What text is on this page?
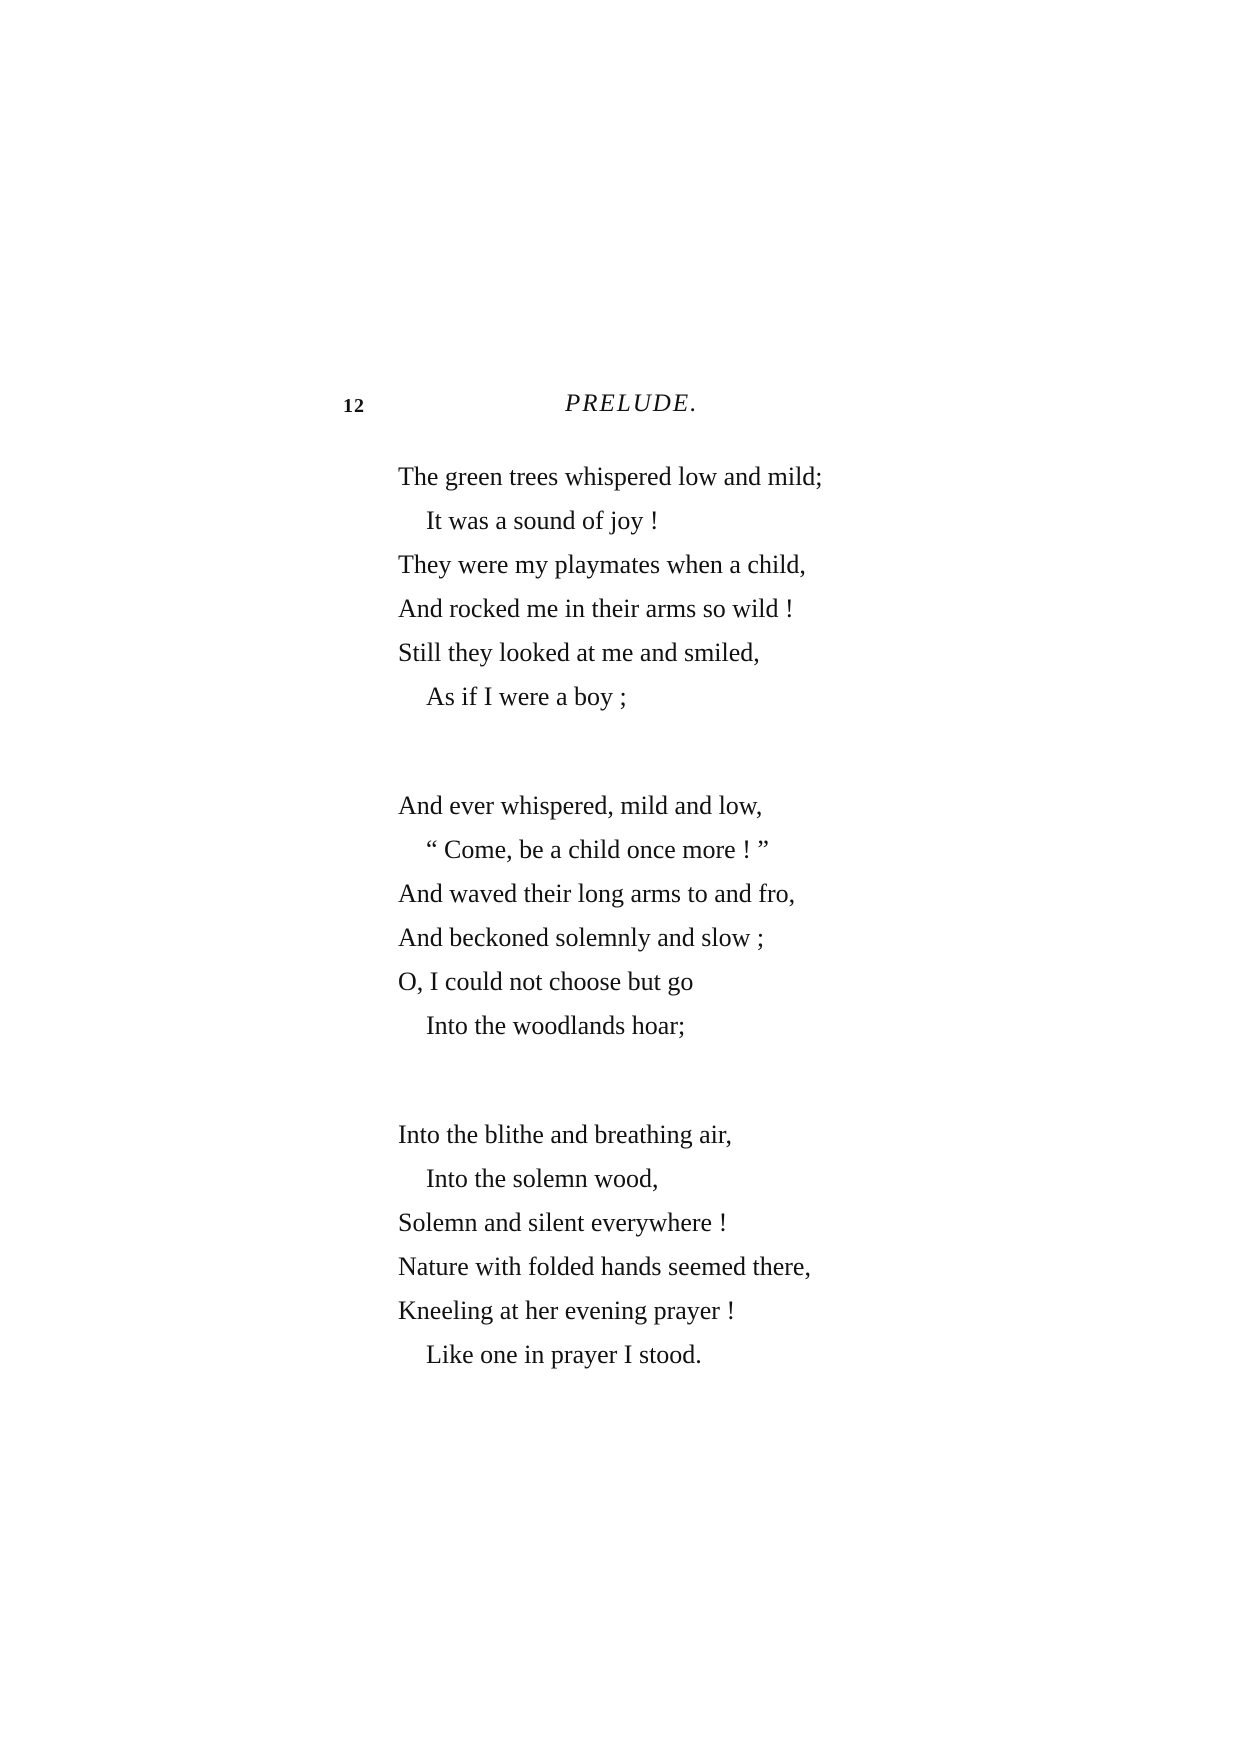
12	PRELUDE.
The green trees whispered low and mild;
It was a sound of joy !
They were my playmates when a child,
And rocked me in their arms so wild !
Still they looked at me and smiled,
As if I were a boy ;
And ever whispered, mild and low,
“ Come, be a child once more ! ”
And waved their long arms to and fro,
And beckoned solemnly and slow ;
O, I could not choose but go
Into the woodlands hoar;
Into the blithe and breathing air,
Into the solemn wood,
Solemn and silent everywhere !
Nature with folded hands seemed there,
Kneeling at her evening prayer !
Like one in prayer I stood.
